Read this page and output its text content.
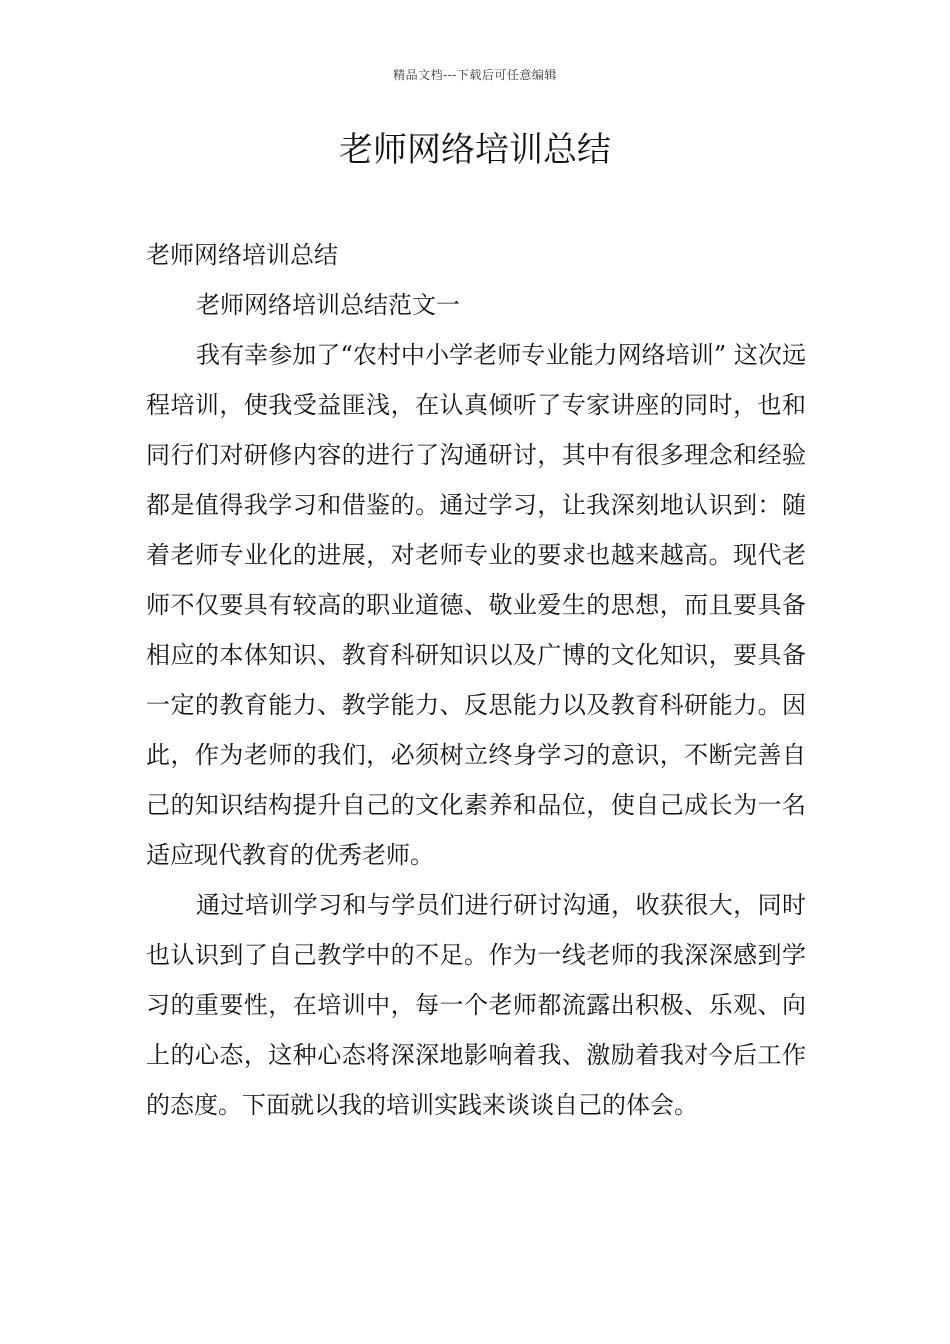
精品文档---下载后可任意编辑
老师网络培训总结

老师网络培训总结

老师网络培训总结范文一

我有幸参加了“农村中小学老师专业能力网络培训” 这次远程培训，使我受益匪浅，在认真倾听了专家讲座的同时，也和同行们对研修内容的进行了沟通研讨，其中有很多理念和经验都是值得我学习和借鉴的。通过学习，让我深刻地认识到：随着老师专业化的进展，对老师专业的要求也越来越高。现代老师不仅要具有较高的职业道德、敬业爱生的思想，而且要具备相应的本体知识、教育科研知识以及广博的文化知识，要具备一定的教育能力、教学能力、反思能力以及教育科研能力。因此，作为老师的我们，必须树立终身学习的意识，不断完善自己的知识结构提升自己的文化素养和品位，使自己成长为一名适应现代教育的优秀老师。

通过培训学习和与学员们进行研讨沟通，收获很大，同时也认识到了自己教学中的不足。作为一线老师的我深深感到学习的重要性，在培训中，每一个老师都流露出积极、乐观、向上的心态，这种心态将深深地影响着我、激励着我对今后工作的态度。下面就以我的培训实践来谈谈自己的体会。
